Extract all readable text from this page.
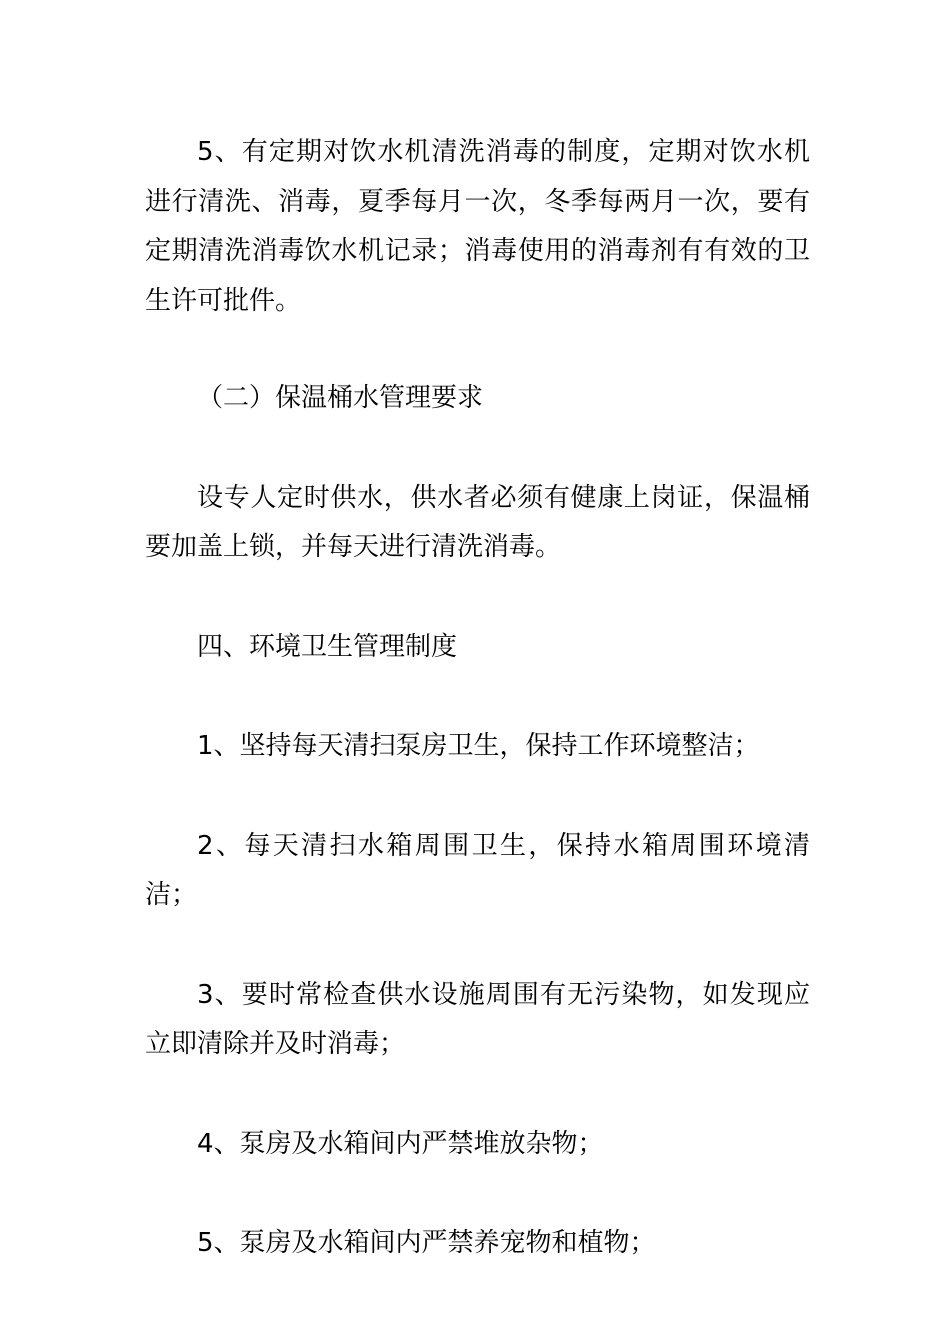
5、有定期对饮水机清洗消毒的制度，定期对饮水机进行清洗、消毒，夏季每月一次，冬季每两月一次，要有定期清洗消毒饮水机记录；消毒使用的消毒剂有有效的卫生许可批件。

（二）保温桶水管理要求

设专人定时供水，供水者必须有健康上岗证，保温桶要加盖上锁，并每天进行清洗消毒。

四、环境卫生管理制度

1、坚持每天清扫泵房卫生，保持工作环境整洁；

2、每天清扫水箱周围卫生，保持水箱周围环境清洁；

3、要时常检查供水设施周围有无污染物，如发现应立即清除并及时消毒；

4、泵房及水箱间内严禁堆放杂物；

5、泵房及水箱间内严禁养宠物和植物；
